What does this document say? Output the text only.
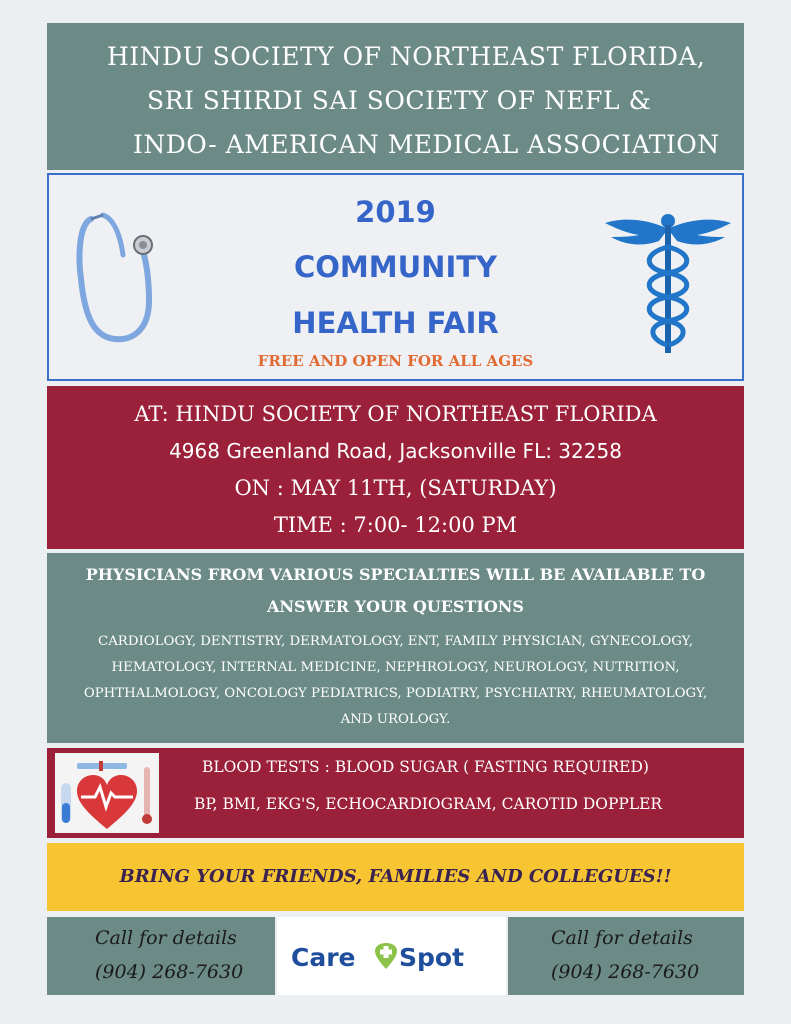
HINDU SOCIETY OF NORTHEAST FLORIDA,
SRI SHIRDI SAI SOCIETY OF NEFL &
INDO- AMERICAN MEDICAL ASSOCIATION
2019
COMMUNITY
HEALTH FAIR
FREE AND OPEN FOR ALL AGES
AT: HINDU SOCIETY OF NORTHEAST FLORIDA
4968 Greenland Road, Jacksonville FL: 32258
ON : MAY 11TH, (SATURDAY)
TIME : 7:00- 12:00 PM
PHYSICIANS FROM VARIOUS SPECIALTIES WILL BE AVAILABLE TO ANSWER YOUR QUESTIONS
CARDIOLOGY, DENTISTRY, DERMATOLOGY, ENT, FAMILY PHYSICIAN, GYNECOLOGY, HEMATOLOGY, INTERNAL MEDICINE, NEPHROLOGY, NEUROLOGY, NUTRITION, OPHTHALMOLOGY, ONCOLOGY PEDIATRICS, PODIATRY, PSYCHIATRY, RHEUMATOLOGY, AND UROLOGY.
BLOOD TESTS : BLOOD SUGAR ( FASTING REQUIRED)
BP, BMI, EKG'S, ECHOCARDIOGRAM, CAROTID DOPPLER
BRING YOUR FRIENDS, FAMILIES AND COLLEGUES!!
Call for details
(904) 268-7630 Care Spot
Call for details
(904) 268-7630
